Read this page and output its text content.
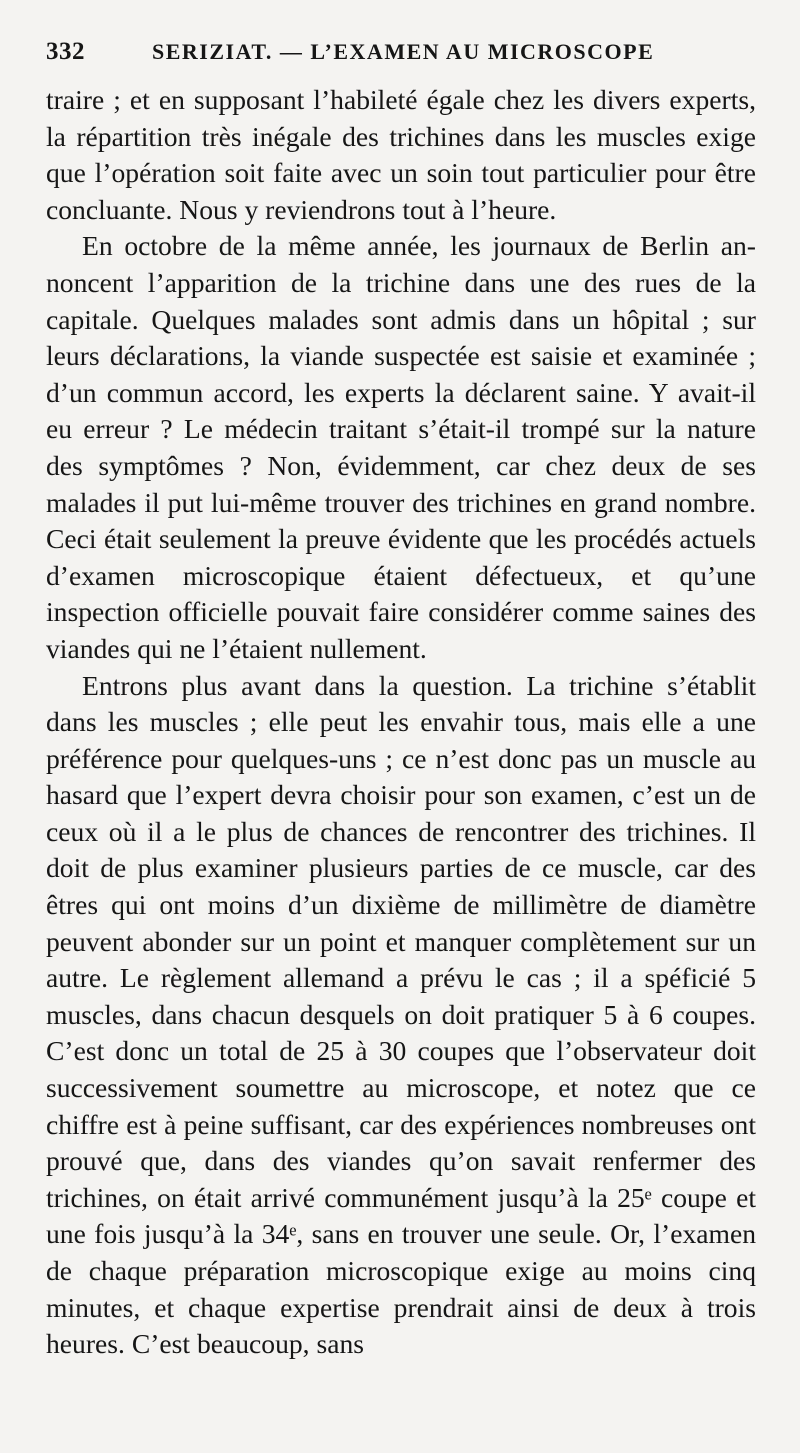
332	SERIZIAT. — L’EXAMEN AU MICROSCOPE

traire ; et en supposant l’habileté égale chez les divers experts, la répartition très inégale des trichines dans les muscles exige que l’opération soit faite avec un soin tout particulier pour être concluante. Nous y reviendrons tout à l’heure.

En octobre de la même année, les journaux de Berlin annoncent l’apparition de la trichine dans une des rues de la capitale. Quelques malades sont admis dans un hôpital ; sur leurs déclarations, la viande suspectée est saisie et examinée ; d’un commun accord, les experts la déclarent saine. Y avait-il eu erreur ? Le médecin traitant s’était-il trompé sur la nature des symptômes ? Non, évidemment, car chez deux de ses malades il put lui-même trouver des trichines en grand nombre. Ceci était seulement la preuve évidente que les procédés actuels d’examen microscopique étaient défectueux, et qu’une inspection officielle pouvait faire considérer comme saines des viandes qui ne l’étaient nullement.

Entrons plus avant dans la question. La trichine s’établit dans les muscles ; elle peut les envahir tous, mais elle a une préférence pour quelques-uns ; ce n’est donc pas un muscle au hasard que l’expert devra choisir pour son examen, c’est un de ceux où il a le plus de chances de rencontrer des trichines. Il doit de plus examiner plusieurs parties de ce muscle, car des êtres qui ont moins d’un dixième de millimètre de diamètre peuvent abonder sur un point et manquer complètement sur un autre. Le règlement allemand a prévu le cas ; il a spéficié 5 muscles, dans chacun desquels on doit pratiquer 5 à 6 coupes. C’est donc un total de 25 à 30 coupes que l’observateur doit successivement soumettre au microscope, et notez que ce chiffre est à peine suffisant, car des expériences nombreuses ont prouvé que, dans des viandes qu’on savait renfermer des trichines, on était arrivé communément jusqu’à la 25ᵉ coupe et une fois jusqu’à la 34ᵉ, sans en trouver une seule. Or, l’examen de chaque préparation microscopique exige au moins cinq minutes, et chaque expertise prendrait ainsi de deux à trois heures. C’est beaucoup, sans
